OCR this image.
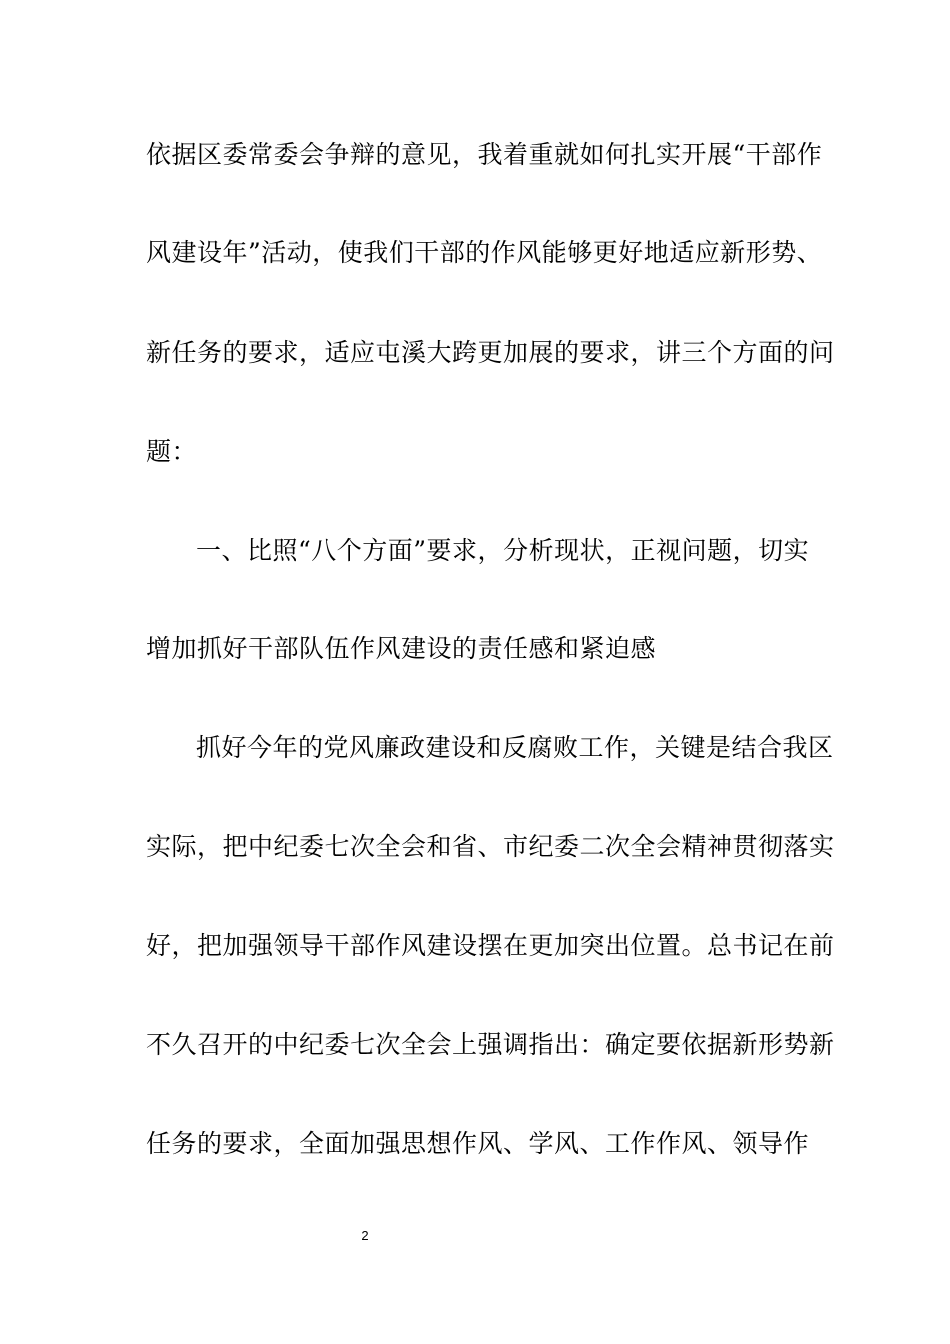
依据区委常委会争辩的意见，我着重就如何扎实开展“干部作
风建设年”活动，使我们干部的作风能够更好地适应新形势、
新任务的要求，适应屯溪大跨更加展的要求，讲三个方面的问
题：
一、比照“八个方面”要求，分析现状，正视问题，切实
增加抓好干部队伍作风建设的责任感和紧迫感
抓好今年的党风廉政建设和反腐败工作，关键是结合我区
实际，把中纪委七次全会和省、市纪委二次全会精神贯彻落实
好，把加强领导干部作风建设摆在更加突出位置。总书记在前
不久召开的中纪委七次全会上强调指出：确定要依据新形势新
任务的要求，全面加强思想作风、学风、工作作风、领导作
2
